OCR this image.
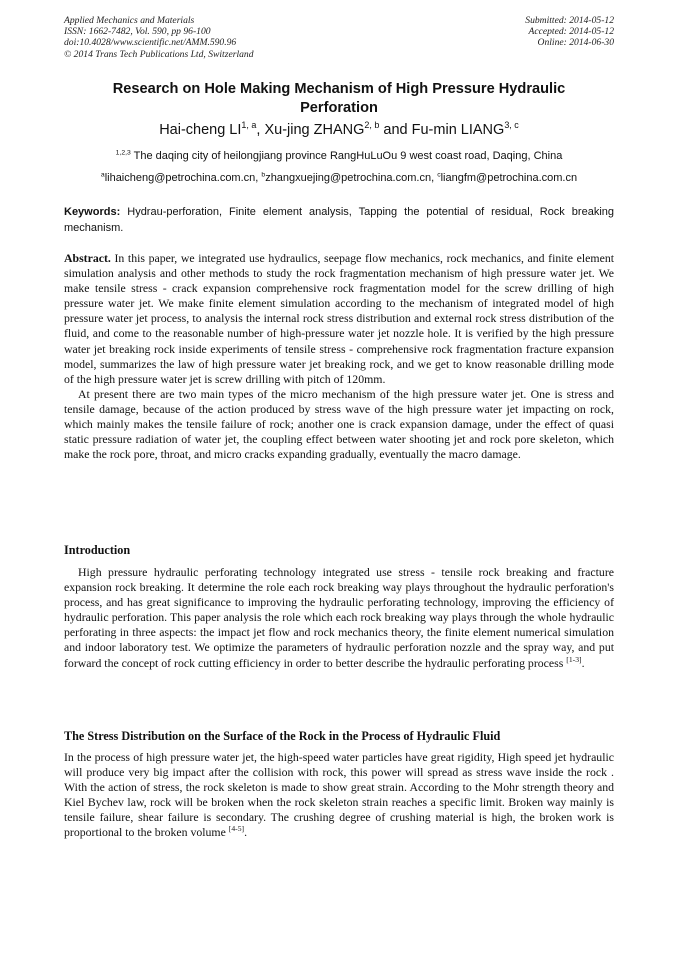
Applied Mechanics and Materials
ISSN: 1662-7482, Vol. 590, pp 96-100
doi:10.4028/www.scientific.net/AMM.590.96
© 2014 Trans Tech Publications Ltd, Switzerland
Submitted: 2014-05-12
Accepted: 2014-05-12
Online: 2014-06-30
Research on Hole Making Mechanism of High Pressure Hydraulic Perforation
Hai-cheng LI$^{1, a}$, Xu-jing ZHANG$^{2, b}$ and Fu-min LIANG$^{3, c}$
$^{1,2,3}$ The daqing city of heilongjiang province RangHuLuOu 9 west coast road, Daqing, China
$^a$lihaicheng@petrochina.com.cn, $^b$zhangxuejing@petrochina.com.cn, $^c$liangfm@petrochina.com.cn
Keywords: Hydrau-perforation, Finite element analysis, Tapping the potential of residual, Rock breaking mechanism.

Abstract. In this paper, we integrated use hydraulics, seepage flow mechanics, rock mechanics, and finite element simulation analysis and other methods to study the rock fragmentation mechanism of high pressure water jet. We make tensile stress - crack expansion comprehensive rock fragmentation model for the screw drilling of high pressure water jet. We make finite element simulation according to the mechanism of integrated model of high pressure water jet process, to analysis the internal rock stress distribution and external rock stress distribution of the fluid, and come to the reasonable number of high-pressure water jet nozzle hole. It is verified by the high pressure water jet breaking rock inside experiments of tensile stress - comprehensive rock fragmentation fracture expansion model, summarizes the law of high pressure water jet breaking rock, and we get to know reasonable drilling mode of the high pressure water jet is screw drilling with pitch of 120mm.

At present there are two main types of the micro mechanism of the high pressure water jet. One is stress and tensile damage, because of the action produced by stress wave of the high pressure water jet impacting on rock, which mainly makes the tensile failure of rock; another one is crack expansion damage, under the effect of quasi static pressure radiation of water jet, the coupling effect between water shooting jet and rock pore skeleton, which make the rock pore, throat, and micro cracks expanding gradually, eventually the macro damage.

Introduction

High pressure hydraulic perforating technology integrated use stress - tensile rock breaking and fracture expansion rock breaking. It determine the role each rock breaking way plays throughout the hydraulic perforation's process, and has great significance to improving the hydraulic perforating technology, improving the efficiency of hydraulic perforation. This paper analysis the role which each rock breaking way plays through the whole hydraulic perforating in three aspects: the impact jet flow and rock mechanics theory, the finite element numerical simulation and indoor laboratory test. We optimize the parameters of hydraulic perforation nozzle and the spray way, and put forward the concept of rock cutting efficiency in order to better describe the hydraulic perforating process [1-3].

The Stress Distribution on the Surface of the Rock in the Process of Hydraulic Fluid

In the process of high pressure water jet, the high-speed water particles have great rigidity, High speed jet hydraulic will produce very big impact after the collision with rock, this power will spread as stress wave inside the rock . With the action of stress, the rock skeleton is made to show great strain. According to the Mohr strength theory and Kiel Bychev law, rock will be broken when the rock skeleton strain reaches a specific limit. Broken way mainly is tensile failure, shear failure is secondary. The crushing degree of crushing material is high, the broken work is proportional to the broken volume [4-5].
